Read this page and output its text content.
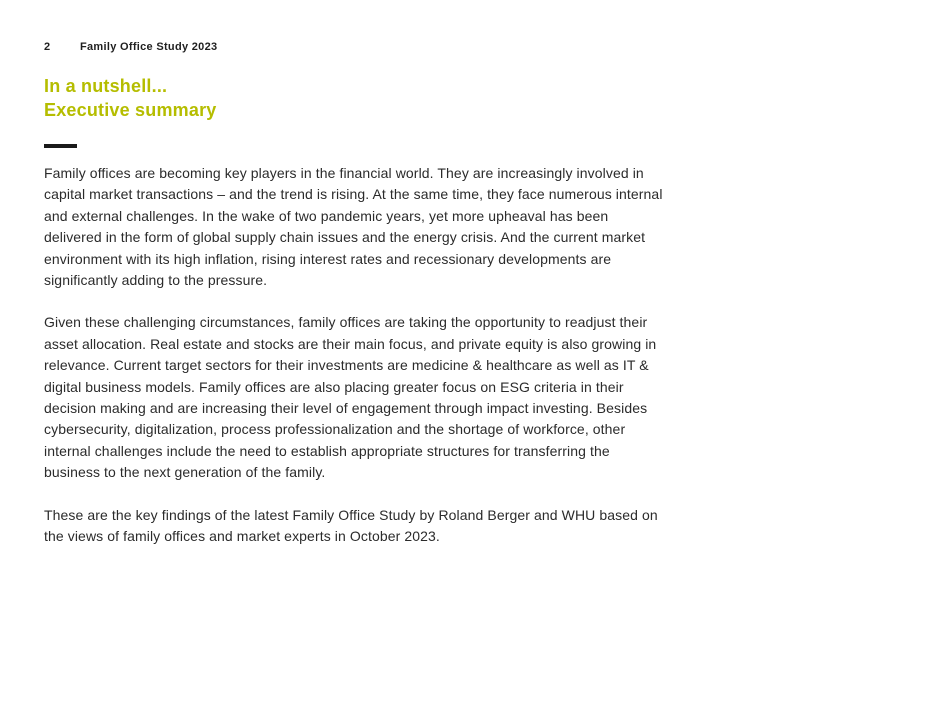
2	Family Office Study 2023
In a nutshell...
Executive summary

Family offices are becoming key players in the financial world. They are increasingly involved in capital market transactions – and the trend is rising. At the same time, they face numerous internal and external challenges. In the wake of two pandemic years, yet more upheaval has been delivered in the form of global supply chain issues and the energy crisis. And the current market environment with its high inflation, rising interest rates and recessionary developments are significantly adding to the pressure.

Given these challenging circumstances, family offices are taking the opportunity to readjust their asset allocation. Real estate and stocks are their main focus, and private equity is also growing in relevance. Current target sectors for their investments are medicine & healthcare as well as IT & digital business models. Family offices are also placing greater focus on ESG criteria in their decision making and are increasing their level of engagement through impact investing. Besides cybersecurity, digitalization, process professionalization and the shortage of workforce, other internal challenges include the need to establish appropriate structures for transferring the business to the next generation of the family.

These are the key findings of the latest Family Office Study by Roland Berger and WHU based on the views of family offices and market experts in October 2023.
